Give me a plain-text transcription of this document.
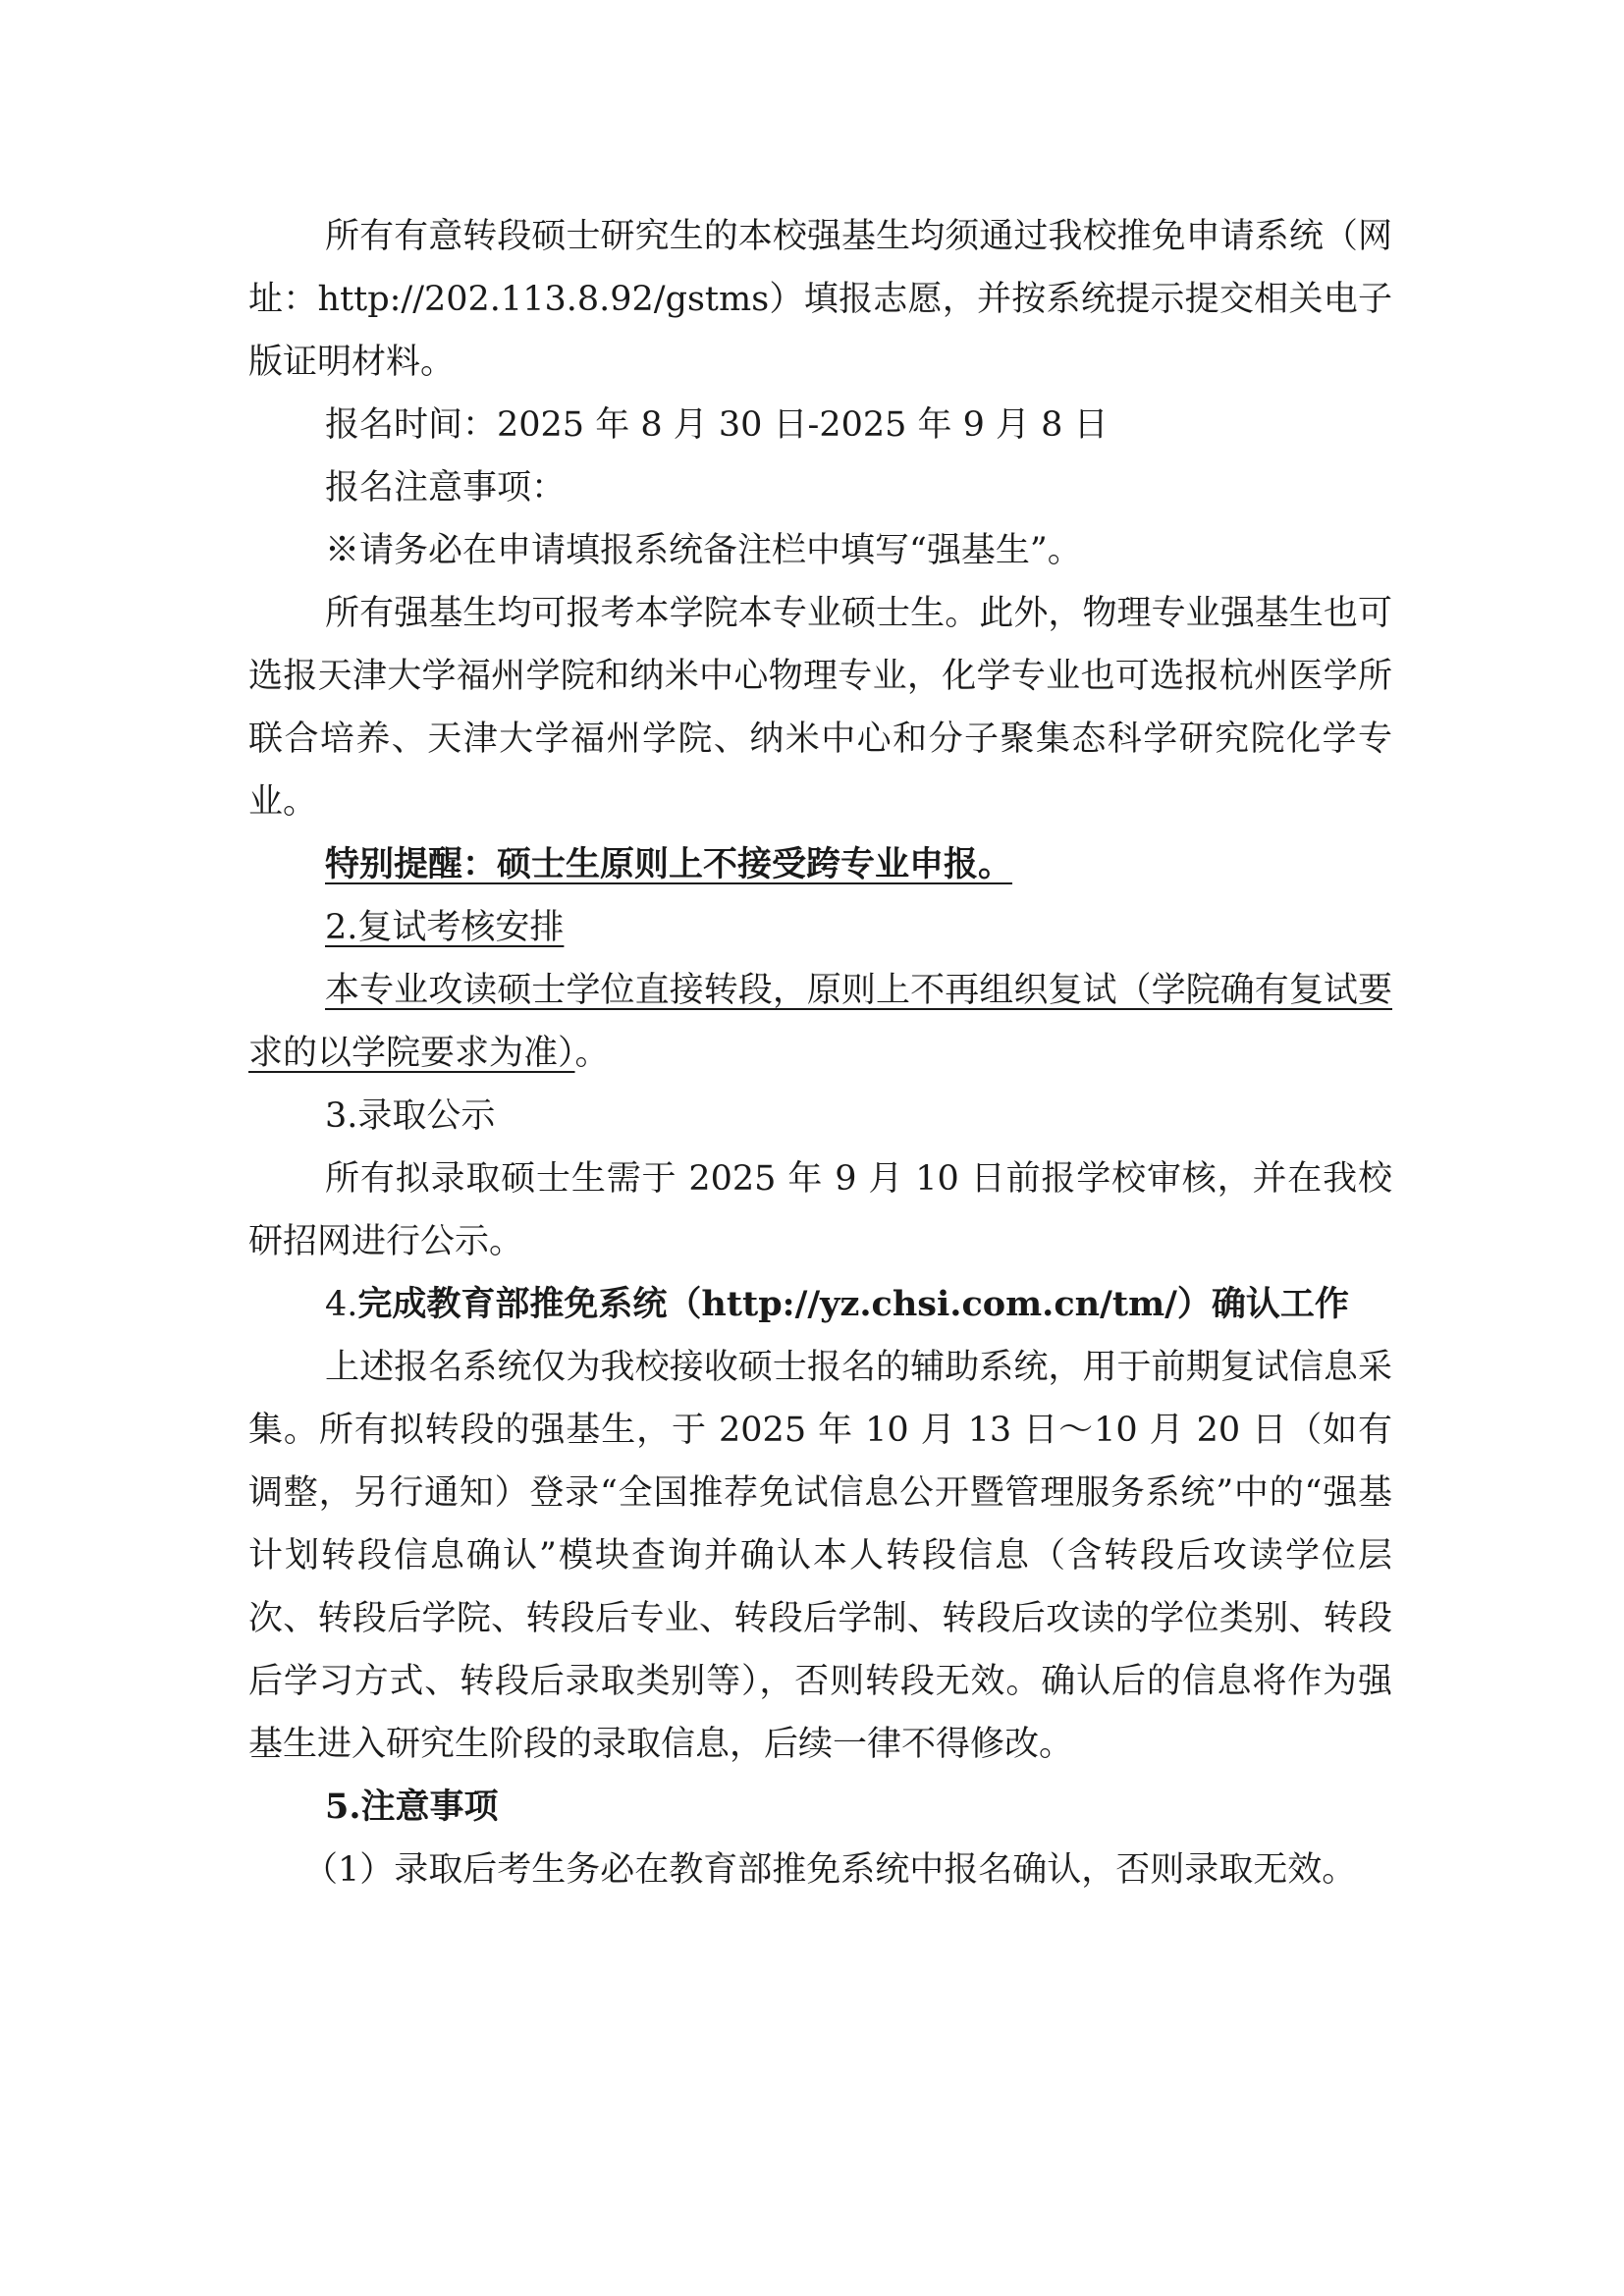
所有有意转段硕士研究生的本校强基生均须通过我校推免申请系统（网址：http://202.113.8.92/gstms）填报志愿，并按系统提示提交相关电子版证明材料。

报名时间：2025 年 8 月 30 日-2025 年 9 月 8 日

报名注意事项：

※请务必在申请填报系统备注栏中填写“强基生”。

所有强基生均可报考本学院本专业硕士生。此外，物理专业强基生也可选报天津大学福州学院和纳米中心物理专业，化学专业也可选报杭州医学所联合培养、天津大学福州学院、纳米中心和分子聚集态科学研究院化学专业。

特别提醒：硕士生原则上不接受跨专业申报。

2.复试考核安排

本专业攻读硕士学位直接转段，原则上不再组织复试（学院确有复试要求的以学院要求为准）。

3.录取公示

所有拟录取硕士生需于 2025 年 9 月 10 日前报学校审核，并在我校研招网进行公示。

4.完成教育部推免系统（http://yz.chsi.com.cn/tm/）确认工作

上述报名系统仅为我校接收硕士报名的辅助系统，用于前期复试信息采集。所有拟转段的强基生，于 2025 年 10 月 13 日～10 月 20 日（如有调整，另行通知）登录“全国推荐免试信息公开暨管理服务系统”中的“强基计划转段信息确认”模块查询并确认本人转段信息（含转段后攻读学位层次、转段后学院、转段后专业、转段后学制、转段后攻读的学位类别、转段后学习方式、转段后录取类别等），否则转段无效。确认后的信息将作为强基生进入研究生阶段的录取信息，后续一律不得修改。

5.注意事项

（1）录取后考生务必在教育部推免系统中报名确认，否则录取无效。
